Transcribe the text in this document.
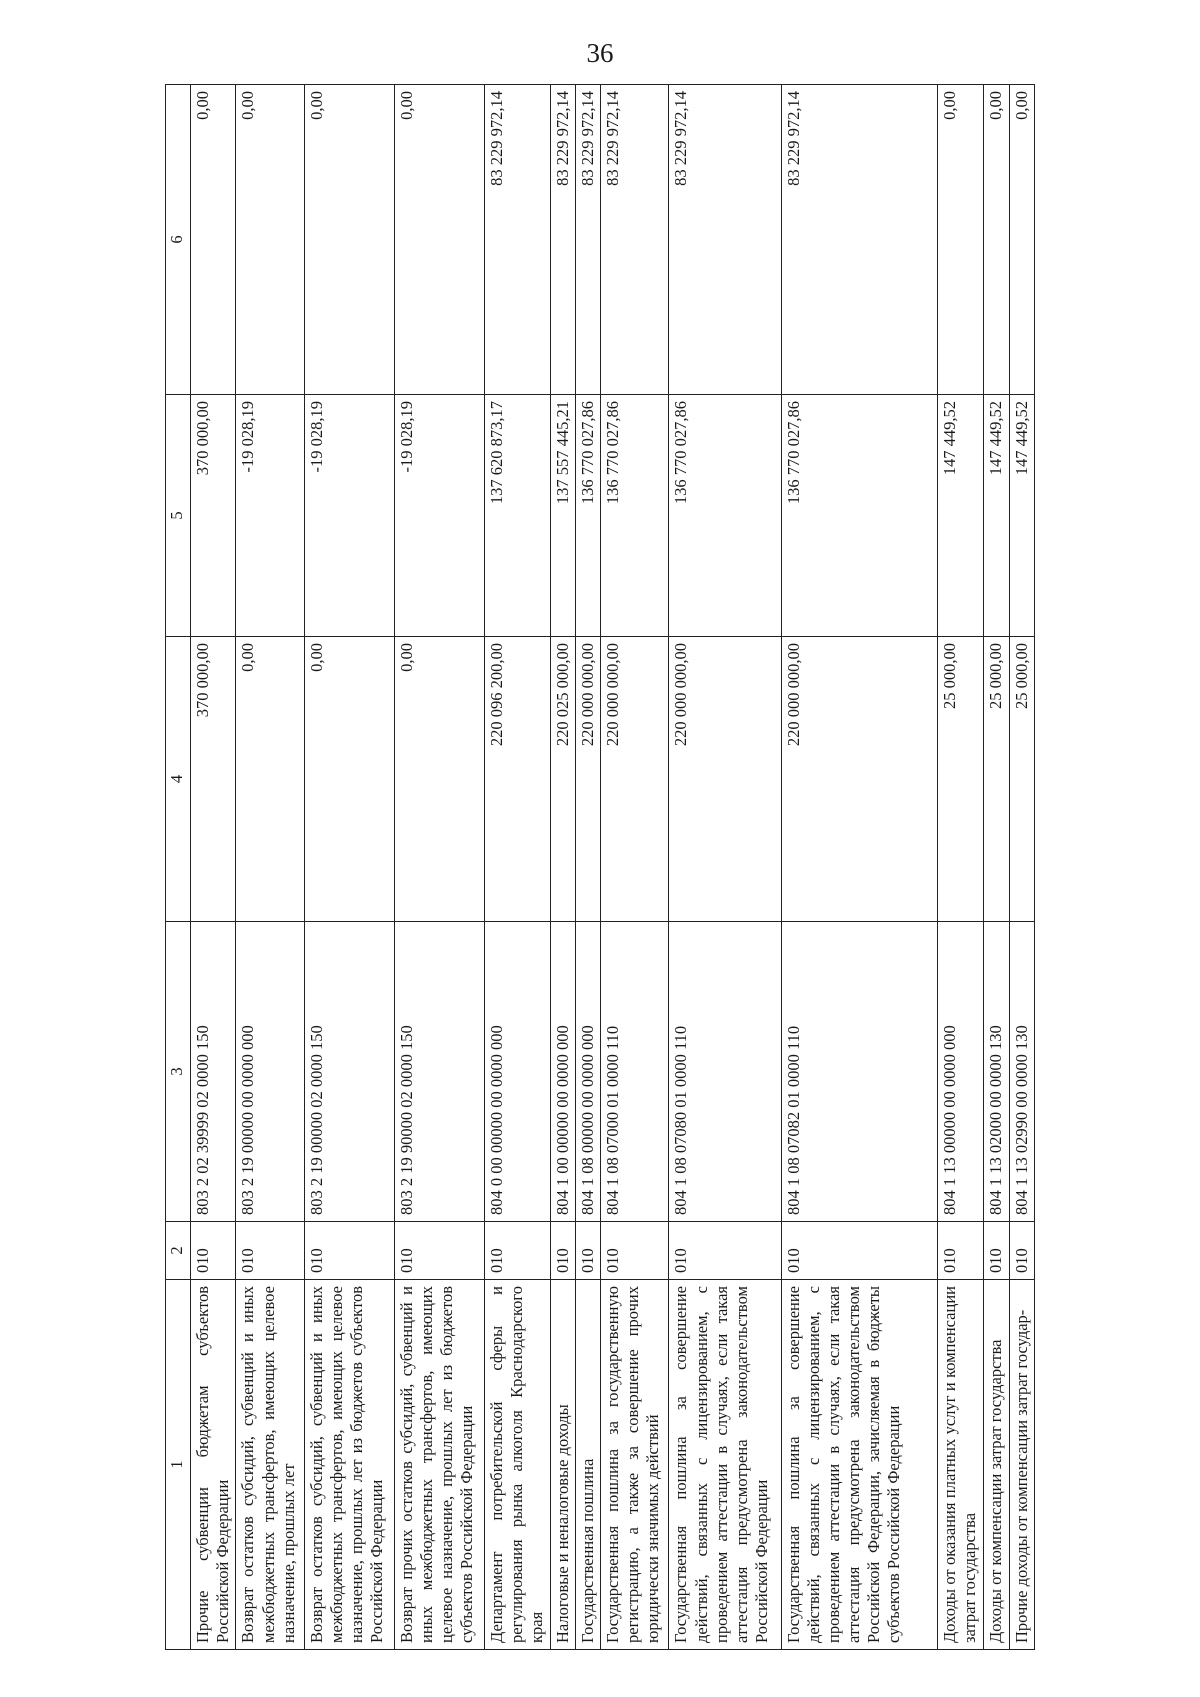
36
1	2	3	4	5	6
Прочие субвенции бюджетам субъектов Российской Федерации	010	803 2 02 39999 02 0000 150	370 000,00	370 000,00	0,00
Возврат остатков субсидий, субвенций и иных межбюджетных трансфертов, имеющих целевое назначение, прошлых лет	010	803 2 19 00000 00 0000 000	0,00	-19 028,19	0,00
Возврат остатков субсидий, субвенций и иных межбюджетных трансфертов, имеющих целевое назначение, прошлых лет из бюджетов субъектов Российской Федерации	010	803 2 19 00000 02 0000 150	0,00	-19 028,19	0,00
Возврат прочих остатков субсидий, субвенций и иных межбюджетных трансфертов, имеющих целевое назначение, прошлых лет из бюджетов субъектов Российской Федерации	010	803 2 19 90000 02 0000 150	0,00	-19 028,19	0,00
Департамент потребительской сферы и регулирования рынка алкоголя Краснодарского края	010	804 0 00 00000 00 0000 000	220 096 200,00	137 620 873,17	83 229 972,14
Налоговые и неналоговые доходы	010	804 1 00 00000 00 0000 000	220 025 000,00	137 557 445,21	83 229 972,14
Государственная пошлина	010	804 1 08 00000 00 0000 000	220 000 000,00	136 770 027,86	83 229 972,14
Государственная пошлина за государственную регистрацию, а также за совершение прочих юридически значимых действий	010	804 1 08 07000 01 0000 110	220 000 000,00	136 770 027,86	83 229 972,14
Государственная пошлина за совершение действий, связанных с лицензированием, с проведением аттестации в случаях, если такая аттестация предусмотрена законодательством Российской Федерации	010	804 1 08 07080 01 0000 110	220 000 000,00	136 770 027,86	83 229 972,14
Государственная пошлина за совершение действий, связанных с лицензированием, с проведением аттестации в случаях, если такая аттестация предусмотрена законодательством Российской Федерации, зачисляемая в бюджеты субъектов Российской Федерации	010	804 1 08 07082 01 0000 110	220 000 000,00	136 770 027,86	83 229 972,14
Доходы от оказания платных услуг и компенсации затрат государства	010	804 1 13 00000 00 0000 000	25 000,00	147 449,52	0,00
Доходы от компенсации затрат государства	010	804 1 13 02000 00 0000 130	25 000,00	147 449,52	0,00
Прочие доходы от компенсации затрат государ-	010	804 1 13 02990 00 0000 130	25 000,00	147 449,52	0,00
